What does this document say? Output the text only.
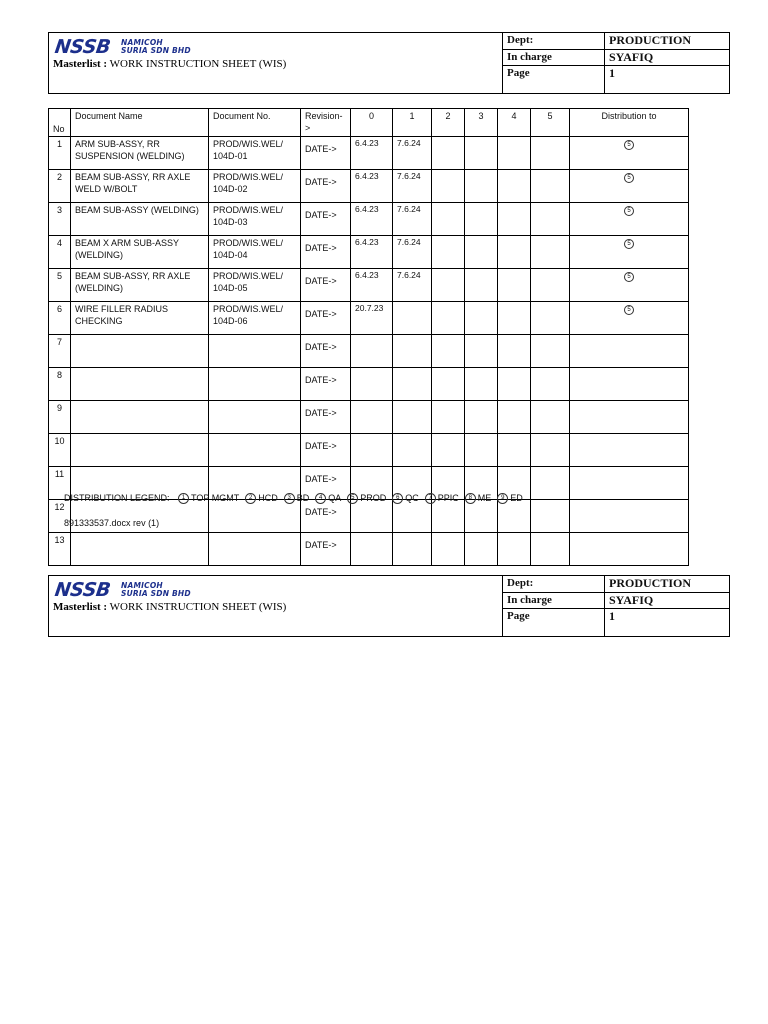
NSSB NAMICOH
SURIA SDN BHD
Masterlist : WORK INSTRUCTION SHEET (WIS)
Dept:	PRODUCTION
In charge	SYAFIQ
Page	1
No	Document Name	Document No.	Revision->	0	1	2	3	4	5	Distribution to
1	ARM SUB-ASSY, RR SUSPENSION (WELDING)	PROD/WIS.WEL/ 104D-01	DATE->	6.4.23	7.6.24					5
2	BEAM SUB-ASSY, RR AXLE WELD W/BOLT	PROD/WIS.WEL/ 104D-02	DATE->	6.4.23	7.6.24					5
3	BEAM SUB-ASSY (WELDING)	PROD/WIS.WEL/ 104D-03	DATE->	6.4.23	7.6.24					5
4	BEAM X ARM SUB-ASSY (WELDING)	PROD/WIS.WEL/ 104D-04	DATE->	6.4.23	7.6.24					5
5	BEAM SUB-ASSY, RR AXLE (WELDING)	PROD/WIS.WEL/ 104D-05	DATE->	6.4.23	7.6.24					5
6	WIRE FILLER RADIUS CHECKING	PROD/WIS.WEL/ 104D-06	DATE->	20.7.23						5
7			DATE->							
8			DATE->							
9			DATE->							
10			DATE->							
11			DATE->							
12			DATE->							
13			DATE->							
DISTRIBUTION LEGEND: 1 TOP MGMT 2 HCD 3 BD 4 QA 5 PROD 6 QC 7 PPIC 8 ME 9 ED
891333537.docx rev (1)
NSSB NAMICOH
SURIA SDN BHD
Masterlist : WORK INSTRUCTION SHEET (WIS)
Dept:	PRODUCTION
In charge	SYAFIQ
Page	1
